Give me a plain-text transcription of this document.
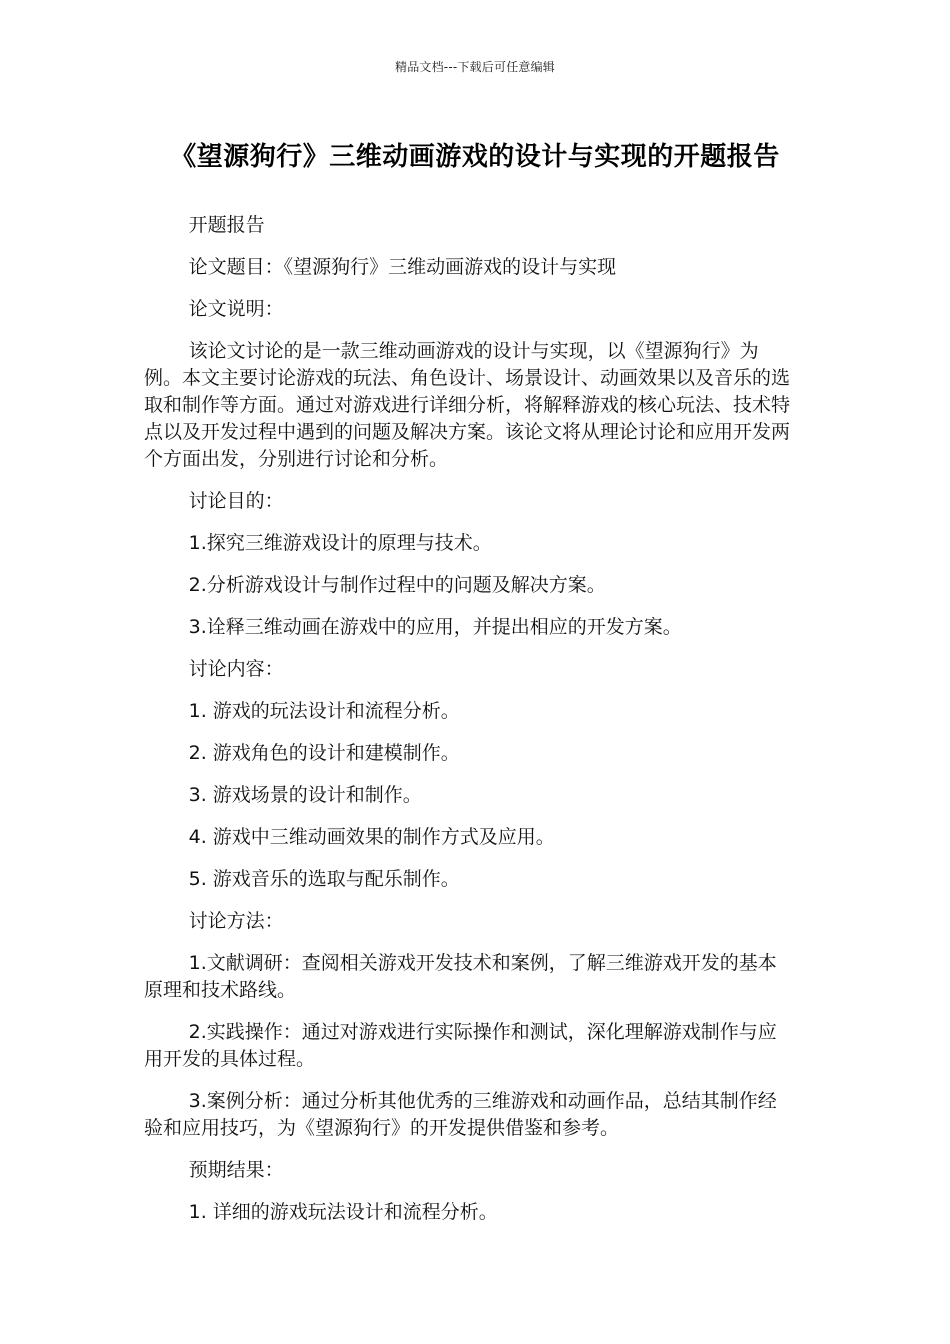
精品文档---下载后可任意编辑
《望源狗行》三维动画游戏的设计与实现的开题报告

开题报告

论文题目：《望源狗行》三维动画游戏的设计与实现

论文说明：

该论文讨论的是一款三维动画游戏的设计与实现，以《望源狗行》为例。本文主要讨论游戏的玩法、角色设计、场景设计、动画效果以及音乐的选取和制作等方面。通过对游戏进行详细分析，将解释游戏的核心玩法、技术特点以及开发过程中遇到的问题及解决方案。该论文将从理论讨论和应用开发两个方面出发，分别进行讨论和分析。

讨论目的：

1.探究三维游戏设计的原理与技术。

2.分析游戏设计与制作过程中的问题及解决方案。

3.诠释三维动画在游戏中的应用，并提出相应的开发方案。

讨论内容：

1. 游戏的玩法设计和流程分析。

2. 游戏角色的设计和建模制作。

3. 游戏场景的设计和制作。

4. 游戏中三维动画效果的制作方式及应用。

5. 游戏音乐的选取与配乐制作。

讨论方法：

1.文献调研：查阅相关游戏开发技术和案例，了解三维游戏开发的基本原理和技术路线。

2.实践操作：通过对游戏进行实际操作和测试，深化理解游戏制作与应用开发的具体过程。

3.案例分析：通过分析其他优秀的三维游戏和动画作品，总结其制作经验和应用技巧，为《望源狗行》的开发提供借鉴和参考。

预期结果：

1. 详细的游戏玩法设计和流程分析。
